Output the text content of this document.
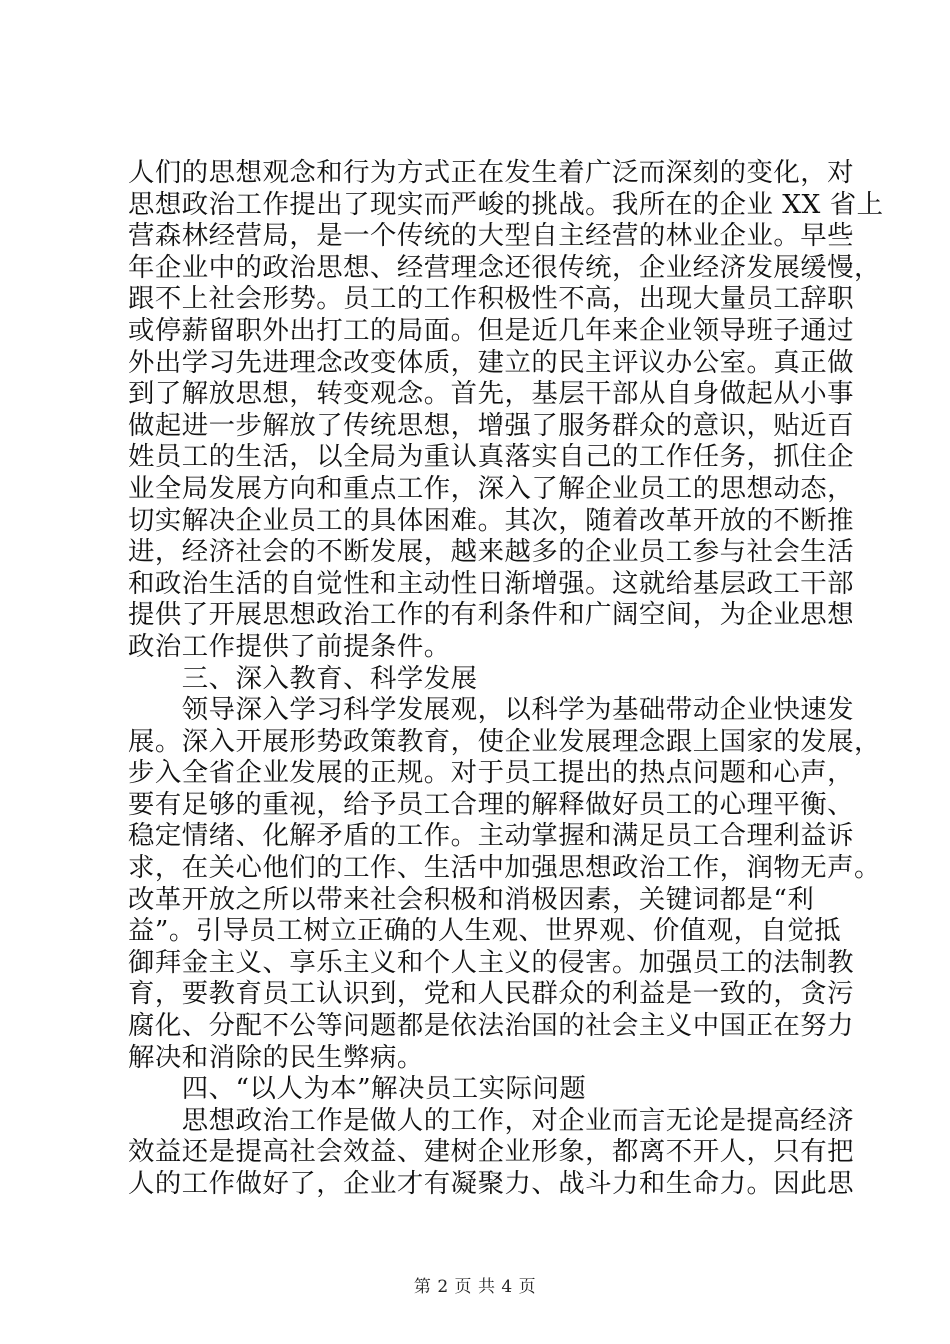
人们的思想观念和行为方式正在发生着广泛而深刻的变化，对
思想政治工作提出了现实而严峻的挑战。我所在的企业 XX 省上
营森林经营局，是一个传统的大型自主经营的林业企业。早些
年企业中的政治思想、经营理念还很传统，企业经济发展缓慢，
跟不上社会形势。员工的工作积极性不高，出现大量员工辞职
或停薪留职外出打工的局面。但是近几年来企业领导班子通过
外出学习先进理念改变体质，建立的民主评议办公室。真正做
到了解放思想，转变观念。首先，基层干部从自身做起从小事
做起进一步解放了传统思想，增强了服务群众的意识，贴近百
姓员工的生活，以全局为重认真落实自己的工作任务，抓住企
业全局发展方向和重点工作，深入了解企业员工的思想动态，
切实解决企业员工的具体困难。其次，随着改革开放的不断推
进，经济社会的不断发展，越来越多的企业员工参与社会生活
和政治生活的自觉性和主动性日渐增强。这就给基层政工干部
提供了开展思想政治工作的有利条件和广阔空间，为企业思想
政治工作提供了前提条件。
　　三、深入教育、科学发展
　　领导深入学习科学发展观，以科学为基础带动企业快速发
展。深入开展形势政策教育，使企业发展理念跟上国家的发展，
步入全省企业发展的正规。对于员工提出的热点问题和心声，
要有足够的重视，给予员工合理的解释做好员工的心理平衡、
稳定情绪、化解矛盾的工作。主动掌握和满足员工合理利益诉
求，在关心他们的工作、生活中加强思想政治工作，润物无声。
改革开放之所以带来社会积极和消极因素，关键词都是“利
益”。引导员工树立正确的人生观、世界观、价值观，自觉抵
御拜金主义、享乐主义和个人主义的侵害。加强员工的法制教
育，要教育员工认识到，党和人民群众的利益是一致的，贪污
腐化、分配不公等问题都是依法治国的社会主义中国正在努力
解决和消除的民生弊病。
　　四、“以人为本”解决员工实际问题
　　思想政治工作是做人的工作，对企业而言无论是提高经济
效益还是提高社会效益、建树企业形象，都离不开人，只有把
人的工作做好了，企业才有凝聚力、战斗力和生命力。因此思
第 2 页 共 4 页
